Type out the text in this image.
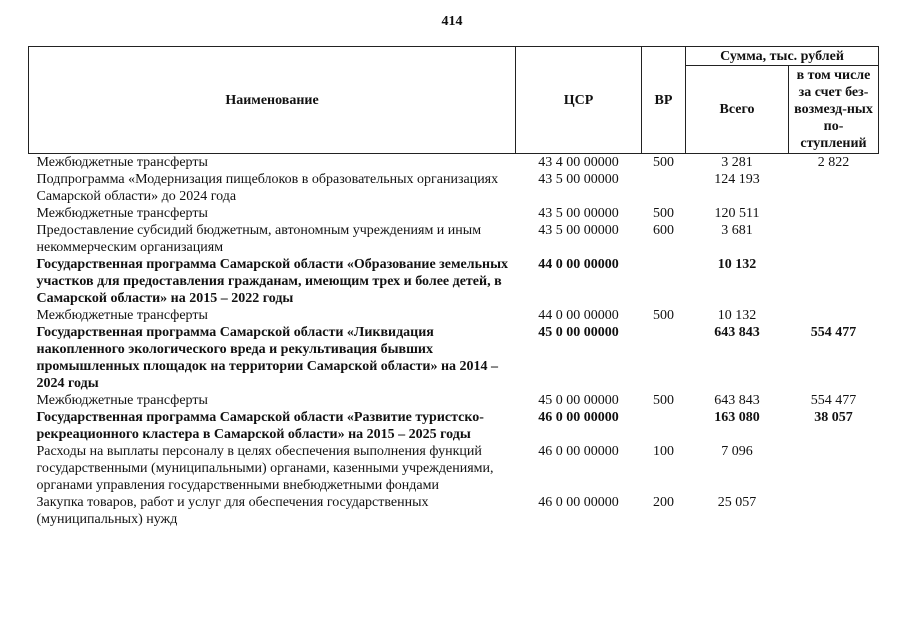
414
Наименование	ЦСР	ВР	Сумма, тыс. рублей	
			Всего	в том числе за счет без-возмезд-ных по-ступлений
Межбюджетные трансферты	43 4 00 00000	500	3 281	2 822
Подпрограмма «Модернизация пищеблоков в образовательных организациях Самарской области» до 2024 года	43 5 00 00000		124 193	
Межбюджетные трансферты	43 5 00 00000	500	120 511	
Предоставление субсидий бюджетным, автономным учреждениям и иным некоммерческим организациям	43 5 00 00000	600	3 681	
Государственная программа Самарской области «Образование земельных участков для предоставления гражданам, имеющим трех и более детей, в Самарской области» на 2015 – 2022 годы	44 0 00 00000		10 132	
Межбюджетные трансферты	44 0 00 00000	500	10 132	
Государственная программа Самарской области «Ликвидация накопленного экологического вреда и рекультивация бывших промышленных площадок на территории Самарской области» на 2014 – 2024 годы	45 0 00 00000		643 843	554 477
Межбюджетные трансферты	45 0 00 00000	500	643 843	554 477
Государственная программа Самарской области «Развитие туристско-рекреационного кластера в Самарской области» на 2015 – 2025 годы	46 0 00 00000		163 080	38 057
Расходы на выплаты персоналу в целях обеспечения выполнения функций государственными (муниципальными) органами, казенными учреждениями, органами управления государственными внебюджетными фондами	46 0 00 00000	100	7 096	
Закупка товаров, работ и услуг для обеспечения государственных (муниципальных) нужд	46 0 00 00000	200	25 057	
